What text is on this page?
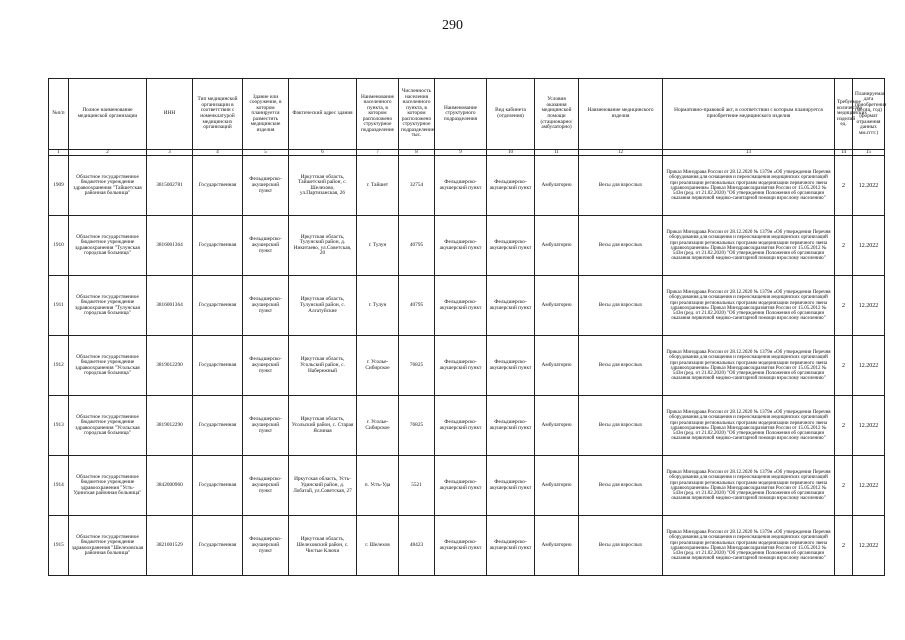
290
№п/п	Полное наименование медицинской организации	ИНН	Тип медицинской организации в соответствии с номенклатурой медицинских организаций	Здание или сооружение, в котором планируется разместить медицинские изделия	Фактический адрес здания	Наименование населенного пункта, в котором расположено структурное подразделение	Численность населения населенного пункта, в котором расположено структурное подразделение тыс.	Наименование структурного подразделения	Вид кабинета (отделения)	Условия оказания медицинской помощи (стационарно/амбулаторно)	Наименование медицинского изделия	Нормативно-правовой акт, в соответствии с которым планируется приобретение медицинского изделия	Требуемое количество медицинских изделий ед.	Планируемая дата приобретения (месяц, год) (формат отражения данных мм.гггг.)
1	2	3	4	5	6	7	8	9	10	11	12	13	14	15
1909	Областное государственное бюджетное учреждение здравоохранения "Тайшетская районная больница"	3815002781	Государственная	Фельдшерско-акушерский пункт	Иркутская область, Тайшетский район, с. Шелехово, ул.Партизанская, 26	г. Тайшет	32754	Фельдшерско-акушерский пункт	Фельдшерско-акушерский пункт	Амбулаторно	Весы для взрослых	Приказ Минздрава России от 28.12.2020 № 1379н «Об утверждении Перечня оборудования для оснащения и переоснащения медицинских организаций при реализации региональных программ модернизации первичного звена здравоохранения» Приказ Минздравсоцразвития России от 15.05.2012 № 543н (ред. от 21.02.2020) "Об утверждении Положения об организации оказания первичной медико-санитарной помощи взрослому населению"	2	12.2022
1910	Областное государственное бюджетное учреждение здравоохранения "Тулунская городская больница"	3816001364	Государственная	Фельдшерско-акушерский пункт	Иркутская область, Тулунский район, д. Никитаево, ул.Советская, 20	г. Тулун	40795	Фельдшерско-акушерский пункт	Фельдшерско-акушерский пункт	Амбулаторно	Весы для взрослых	Приказ Минздрава России от 28.12.2020 № 1379н «Об утверждении Перечня оборудования для оснащения и переоснащения медицинских организаций при реализации региональных программ модернизации первичного звена здравоохранения» Приказ Минздравсоцразвития России от 15.05.2012 № 543н (ред. от 21.02.2020) "Об утверждении Положения об организации оказания первичной медико-санитарной помощи взрослому населению"	2	12.2022
1911	Областное государственное бюджетное учреждение здравоохранения "Тулунская городская больница"	3816001364	Государственная	Фельдшерско-акушерский пункт	Иркутская область, Тулунский район, с. Алгатуйские	г. Тулун	40795	Фельдшерско-акушерский пункт	Фельдшерско-акушерский пункт	Амбулаторно	Весы для взрослых	Приказ Минздрава России от 28.12.2020 № 1379н «Об утверждении Перечня оборудования для оснащения и переоснащения медицинских организаций при реализации региональных программ модернизации первичного звена здравоохранения» Приказ Минздравсоцразвития России от 15.05.2012 № 543н (ред. от 21.02.2020) "Об утверждении Положения об организации оказания первичной медико-санитарной помощи взрослому населению"	2	12.2022
1912	Областное государственное бюджетное учреждение здравоохранения "Усольская городская больница"	3819012290	Государственная	Фельдшерско-акушерский пункт	Иркутская область, Усольский район, с. Набережный	г. Усолье-Сибирское	76825	Фельдшерско-акушерский пункт	Фельдшерско-акушерский пункт	Амбулаторно	Весы для взрослых	Приказ Минздрава России от 28.12.2020 № 1379н «Об утверждении Перечня оборудования для оснащения и переоснащения медицинских организаций при реализации региональных программ модернизации первичного звена здравоохранения» Приказ Минздравсоцразвития России от 15.05.2012 № 543н (ред. от 21.02.2020) "Об утверждении Положения об организации оказания первичной медико-санитарной помощи взрослому населению"	2	12.2022
1913	Областное государственное бюджетное учреждение здравоохранения "Усольская городская больница"	3819012290	Государственная	Фельдшерско-акушерский пункт	Иркутская область, Усольский район, с. Старая Ясачная	г. Усолье-Сибирское	76825	Фельдшерско-акушерский пункт	Фельдшерско-акушерский пункт	Амбулаторно	Весы для взрослых	Приказ Минздрава России от 28.12.2020 № 1379н «Об утверждении Перечня оборудования для оснащения и переоснащения медицинских организаций при реализации региональных программ модернизации первичного звена здравоохранения» Приказ Минздравсоцразвития России от 15.05.2012 № 543н (ред. от 21.02.2020) "Об утверждении Положения об организации оказания первичной медико-санитарной помощи взрослому населению"	2	12.2022
1914	Областное государственное бюджетное учреждение здравоохранения "Усть-Удинская районная больница"	3842000960	Государственная	Фельдшерско-акушерский пункт	Иркутская область, Усть-Удинский район, д. Лобатай, ул.Советская, 27	п. Усть-Уда	5521	Фельдшерско-акушерский пункт	Фельдшерско-акушерский пункт	Амбулаторно	Весы для взрослых	Приказ Минздрава России от 28.12.2020 № 1379н «Об утверждении Перечня оборудования для оснащения и переоснащения медицинских организаций при реализации региональных программ модернизации первичного звена здравоохранения» Приказ Минздравсоцразвития России от 15.05.2012 № 543н (ред. от 21.02.2020) "Об утверждении Положения об организации оказания первичной медико-санитарной помощи взрослому населению"	2	12.2022
1915	Областное государственное бюджетное учреждение здравоохранения "Шелеховская районная больница"	3821001529	Государственная	Фельдшерско-акушерский пункт	Иркутская область, Шелеховский район, с. Чистые Ключи	г. Шелехов	48423	Фельдшерско-акушерский пункт	Фельдшерско-акушерский пункт	Амбулаторно	Весы для взрослых	Приказ Минздрава России от 28.12.2020 № 1379н «Об утверждении Перечня оборудования для оснащения и переоснащения медицинских организаций при реализации региональных программ модернизации первичного звена здравоохранения» Приказ Минздравсоцразвития России от 15.05.2012 № 543н (ред. от 21.02.2020) "Об утверждении Положения об организации оказания первичной медико-санитарной помощи взрослому населению"	2	12.2022
